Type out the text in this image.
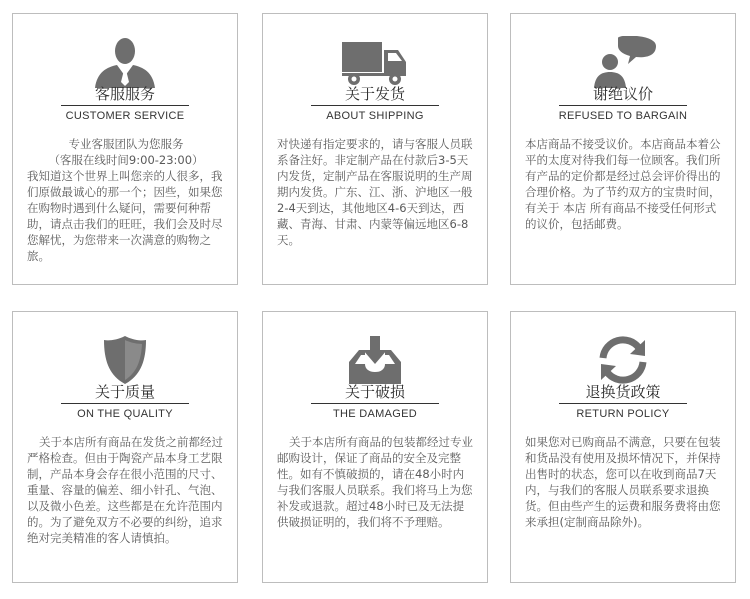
客服服务
CUSTOMER SERVICE

专业客服团队为您服务

（客服在线时间9:00-23:00）

我知道这个世界上叫您亲的人很多，我们原做最诚心的那一个；因些，如果您在购物时遇到什么疑问，需要何种帮助，请点击我们的旺旺，我们会及时尽您解忧，为您带来一次满意的购物之旅。

关于发货
ABOUT SHIPPING

对快递有指定要求的，请与客服人员联系备注好。非定制产品在付款后3-5天内发货，定制产品在客服说明的生产周期内发货。广东、江、浙、沪地区一般2-4天到达，其他地区4-6天到达，西藏、青海、甘肃、内蒙等偏远地区6-8天。

谢绝议价
REFUSED TO BARGAIN

本店商品不接受议价。本店商品本着公平的太度对待我们每一位顾客。我们所有产品的定价都是经过总会评价得出的合理价格。为了节约双方的宝贵时间，有关于 本店 所有商品不接受任何形式的议价，包括邮费。

关于质量
ON THE QUALITY

关于本店所有商品在发货之前都经过严格检查。但由于陶瓷产品本身工艺限制，产品本身会存在很小范围的尺寸、重量、容量的偏差、细小针孔、气泡、以及微小色差。这些都是在允许范围内的。为了避免双方不必要的纠纷，追求绝对完美精准的客人请慎拍。

关于破损
THE DAMAGED

关于本店所有商品的包装都经过专业邮购设计，保证了商品的安全及完整性。如有不慎破损的，请在48小时内与我们客服人员联系。我们将马上为您补发或退款。超过48小时已及无法提供破损证明的，我们将不予理赔。

退换货政策
RETURN POLICY

如果您对已购商品不满意，只要在包装和货品没有使用及损坏情况下，并保持出售时的状态，您可以在收到商品7天内，与我们的客服人员联系要求退换货。但由些产生的运费和服务费将由您来承担(定制商品除外)。
